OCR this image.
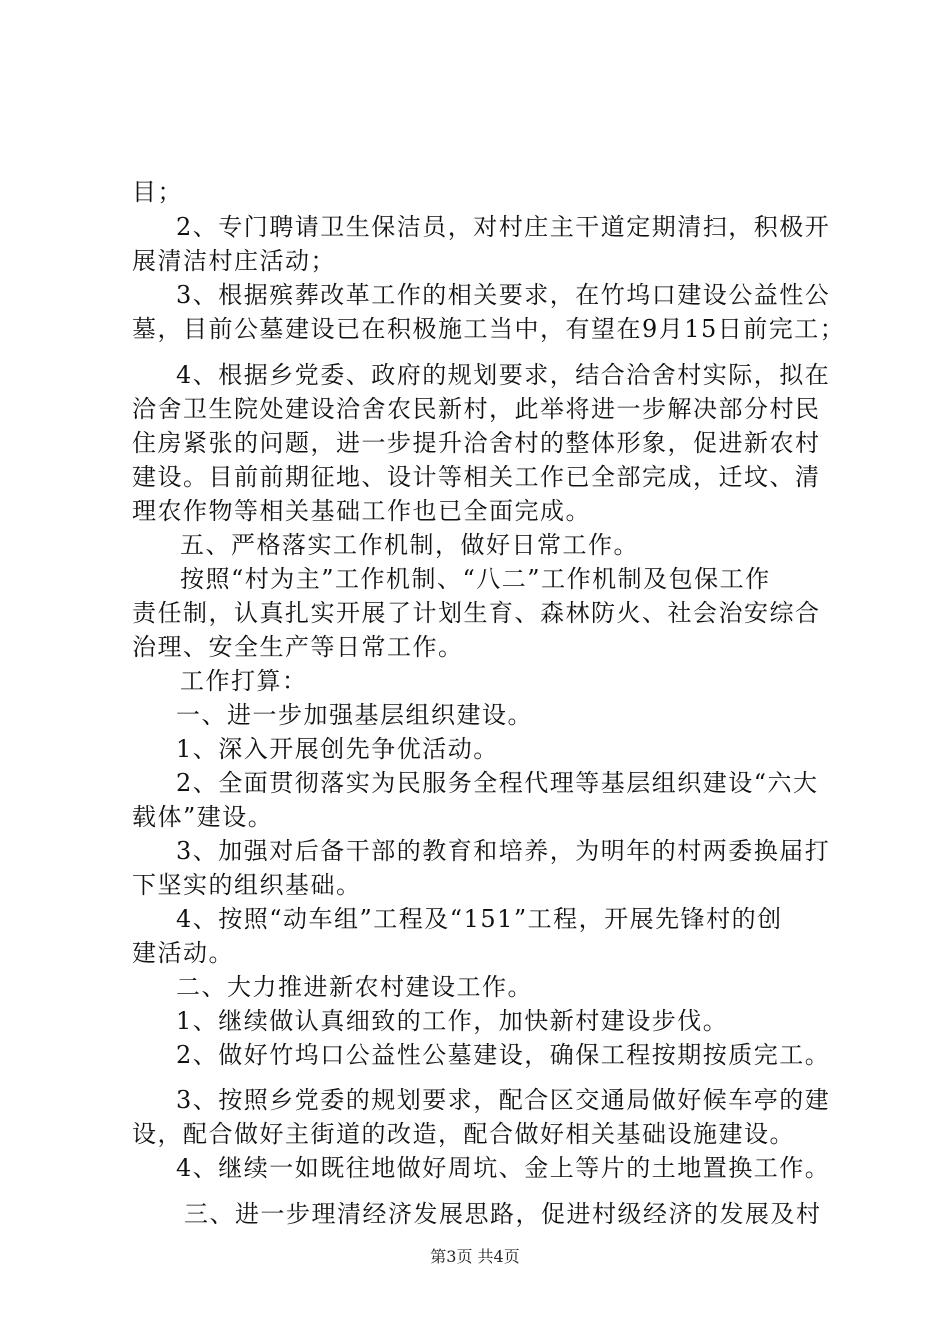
目；
2、专门聘请卫生保洁员，对村庄主干道定期清扫，积极开
展清洁村庄活动；
3、根据殡葬改革工作的相关要求，在竹坞口建设公益性公
墓，目前公墓建设已在积极施工当中，有望在9月15日前完工；
4、根据乡党委、政府的规划要求，结合洽舍村实际，拟在
洽舍卫生院处建设洽舍农民新村，此举将进一步解决部分村民
住房紧张的问题，进一步提升洽舍村的整体形象，促进新农村
建设。目前前期征地、设计等相关工作已全部完成，迁坟、清
理农作物等相关基础工作也已全面完成。
五、严格落实工作机制，做好日常工作。
按照“村为主”工作机制、“八二”工作机制及包保工作
责任制，认真扎实开展了计划生育、森林防火、社会治安综合
治理、安全生产等日常工作。
工作打算：
一、进一步加强基层组织建设。
1、深入开展创先争优活动。
2、全面贯彻落实为民服务全程代理等基层组织建设“六大
载体”建设。
3、加强对后备干部的教育和培养，为明年的村两委换届打
下坚实的组织基础。
4、按照“动车组”工程及“151”工程，开展先锋村的创
建活动。
二、大力推进新农村建设工作。
1、继续做认真细致的工作，加快新村建设步伐。
2、做好竹坞口公益性公墓建设，确保工程按期按质完工。
3、按照乡党委的规划要求，配合区交通局做好候车亭的建
设，配合做好主街道的改造，配合做好相关基础设施建设。
4、继续一如既往地做好周坑、金上等片的土地置换工作。
三、进一步理清经济发展思路，促进村级经济的发展及村
第3页 共4页
